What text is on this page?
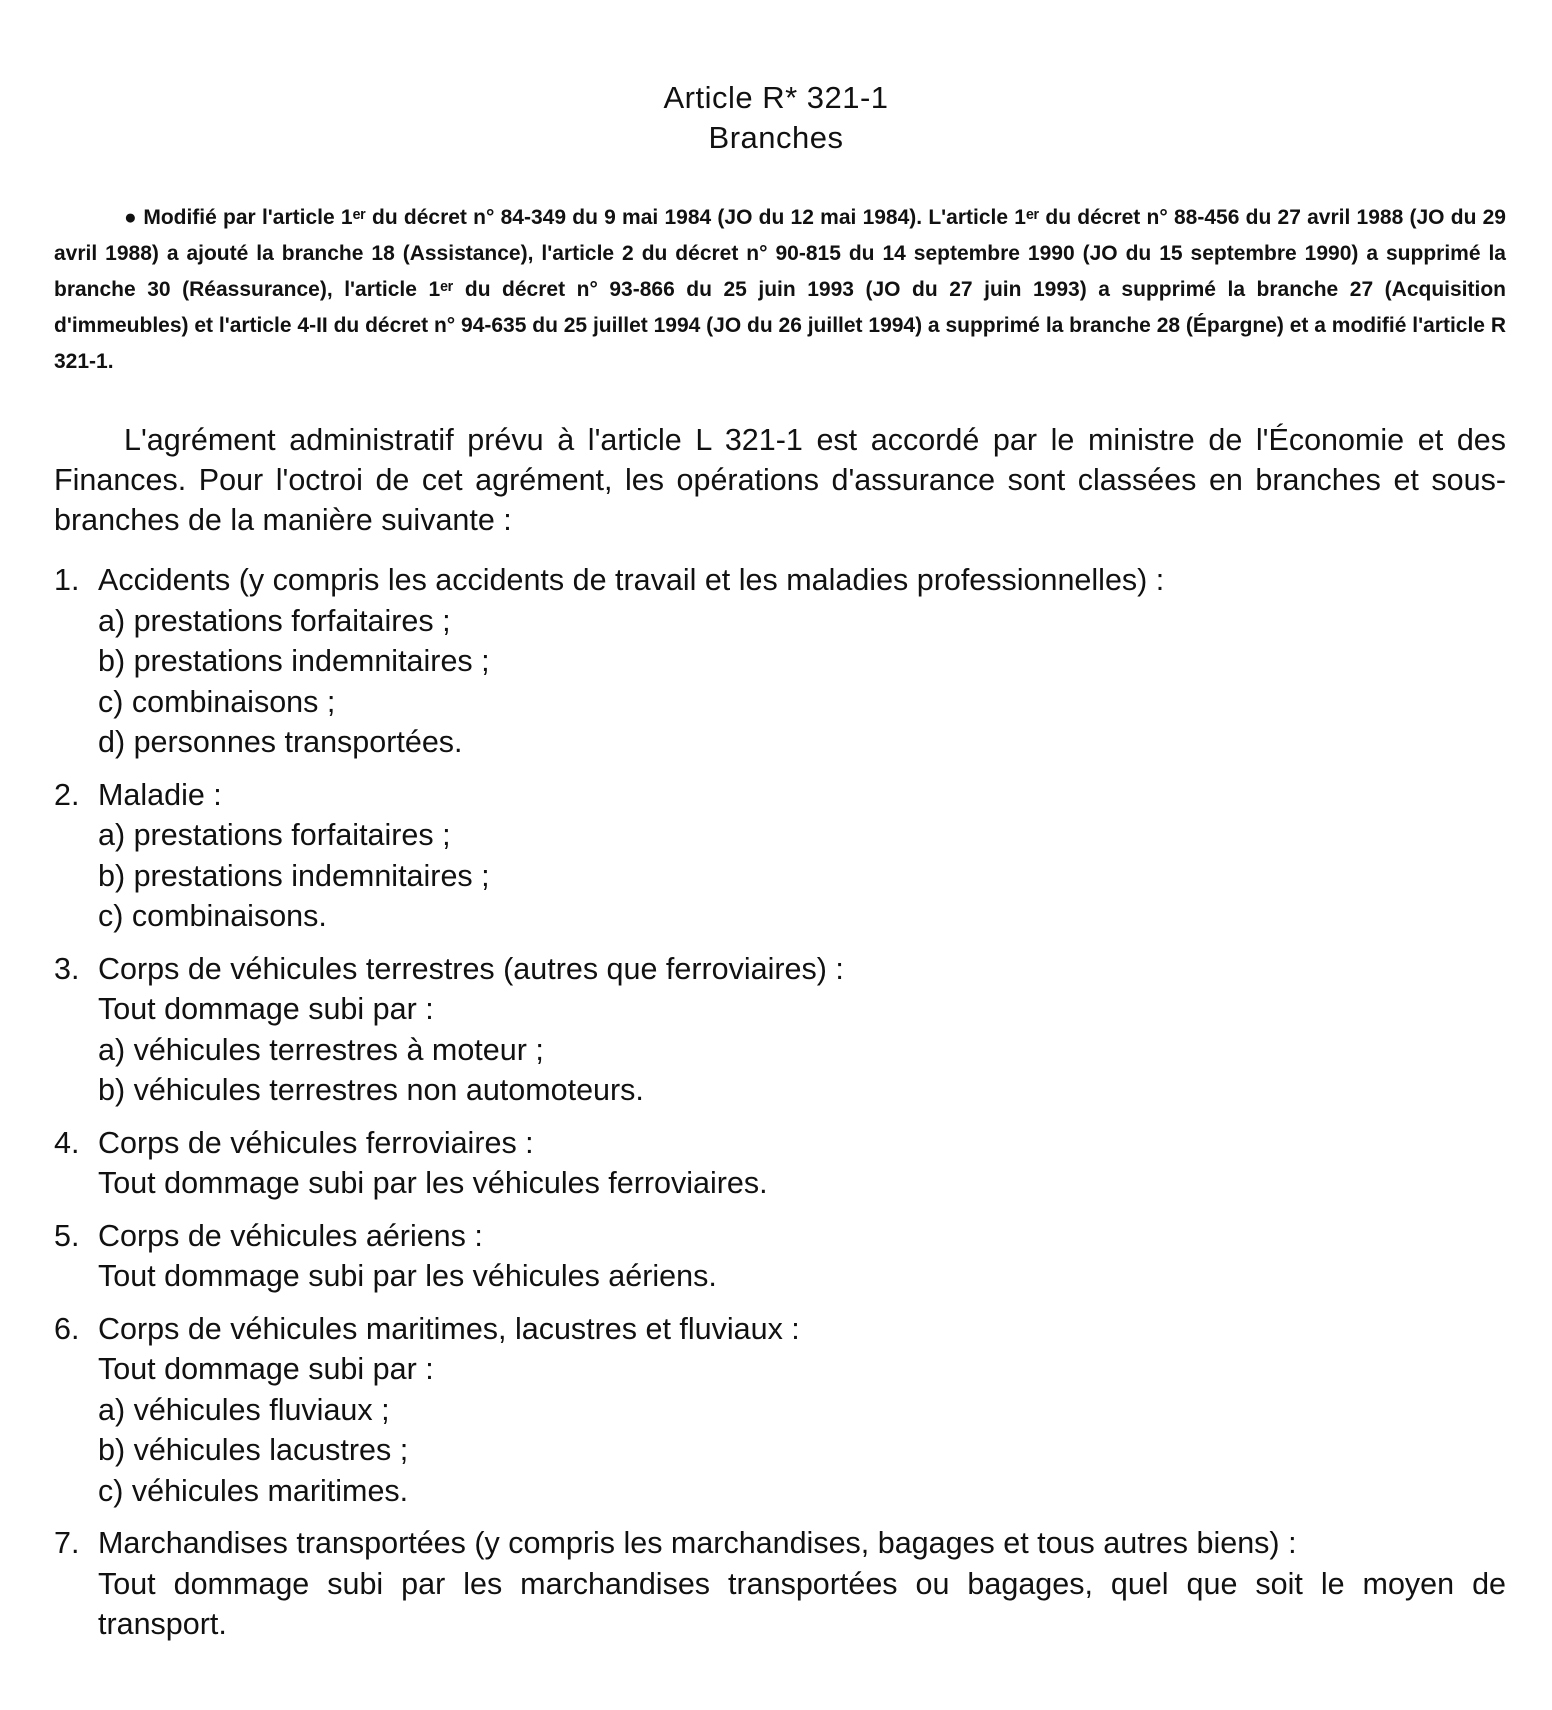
Article R* 321-1
Branches
● Modifié par l'article 1ᵉʳ du décret n° 84-349 du 9 mai 1984 (JO du 12 mai 1984). L'article 1ᵉʳ du décret n° 88-456 du 27 avril 1988 (JO du 29 avril 1988) a ajouté la branche 18 (Assistance), l'article 2 du décret n° 90-815 du 14 septembre 1990 (JO du 15 septembre 1990) a supprimé la branche 30 (Réassurance), l'article 1ᵉʳ du décret n° 93-866 du 25 juin 1993 (JO du 27 juin 1993) a supprimé la branche 27 (Acquisition d'immeubles) et l'article 4-II du décret n° 94-635 du 25 juillet 1994 (JO du 26 juillet 1994) a supprimé la branche 28 (Épargne) et a modifié l'article R 321-1.
L'agrément administratif prévu à l'article L 321-1 est accordé par le ministre de l'Économie et des Finances. Pour l'octroi de cet agrément, les opérations d'assurance sont classées en branches et sous-branches de la manière suivante :
1. Accidents (y compris les accidents de travail et les maladies professionnelles) :
a) prestations forfaitaires ;
b) prestations indemnitaires ;
c) combinaisons ;
d) personnes transportées.
2. Maladie :
a) prestations forfaitaires ;
b) prestations indemnitaires ;
c) combinaisons.
3. Corps de véhicules terrestres (autres que ferroviaires) :
Tout dommage subi par :
a) véhicules terrestres à moteur ;
b) véhicules terrestres non automoteurs.
4. Corps de véhicules ferroviaires :
Tout dommage subi par les véhicules ferroviaires.
5. Corps de véhicules aériens :
Tout dommage subi par les véhicules aériens.
6. Corps de véhicules maritimes, lacustres et fluviaux :
Tout dommage subi par :
a) véhicules fluviaux ;
b) véhicules lacustres ;
c) véhicules maritimes.
7. Marchandises transportées (y compris les marchandises, bagages et tous autres biens) :
Tout dommage subi par les marchandises transportées ou bagages, quel que soit le moyen de transport.
